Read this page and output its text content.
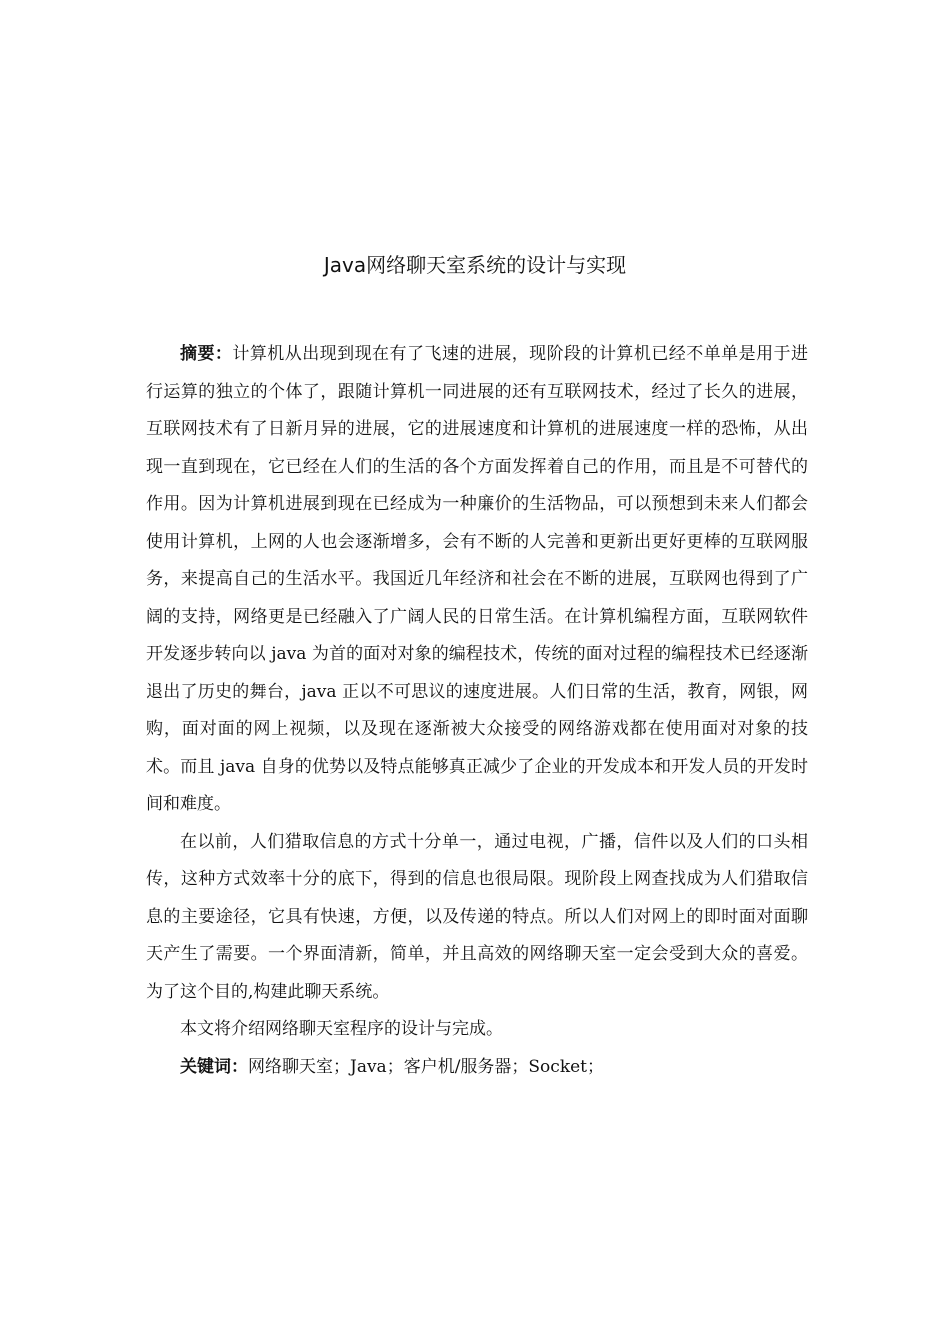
Java网络聊天室系统的设计与实现

摘要：计算机从出现到现在有了飞速的进展，现阶段的计算机已经不单单是用于进行运算的独立的个体了，跟随计算机一同进展的还有互联网技术，经过了长久的进展，互联网技术有了日新月异的进展，它的进展速度和计算机的进展速度一样的恐怖，从出现一直到现在，它已经在人们的生活的各个方面发挥着自己的作用，而且是不可替代的作用。因为计算机进展到现在已经成为一种廉价的生活物品，可以预想到未来人们都会使用计算机，上网的人也会逐渐增多，会有不断的人完善和更新出更好更棒的互联网服务，来提高自己的生活水平。我国近几年经济和社会在不断的进展，互联网也得到了广阔的支持，网络更是已经融入了广阔人民的日常生活。在计算机编程方面，互联网软件开发逐步转向以 java 为首的面对对象的编程技术，传统的面对过程的编程技术已经逐渐退出了历史的舞台，java 正以不可思议的速度进展。人们日常的生活，教育，网银，网购，面对面的网上视频，以及现在逐渐被大众接受的网络游戏都在使用面对对象的技术。而且 java 自身的优势以及特点能够真正减少了企业的开发成本和开发人员的开发时间和难度。

在以前，人们猎取信息的方式十分单一，通过电视，广播，信件以及人们的口头相传，这种方式效率十分的底下，得到的信息也很局限。现阶段上网查找成为人们猎取信息的主要途径，它具有快速，方便，以及传递的特点。所以人们对网上的即时面对面聊天产生了需要。一个界面清新，简单，并且高效的网络聊天室一定会受到大众的喜爱。为了这个目的,构建此聊天系统。

本文将介绍网络聊天室程序的设计与完成。

关键词：网络聊天室；Java；客户机/服务器；Socket；
